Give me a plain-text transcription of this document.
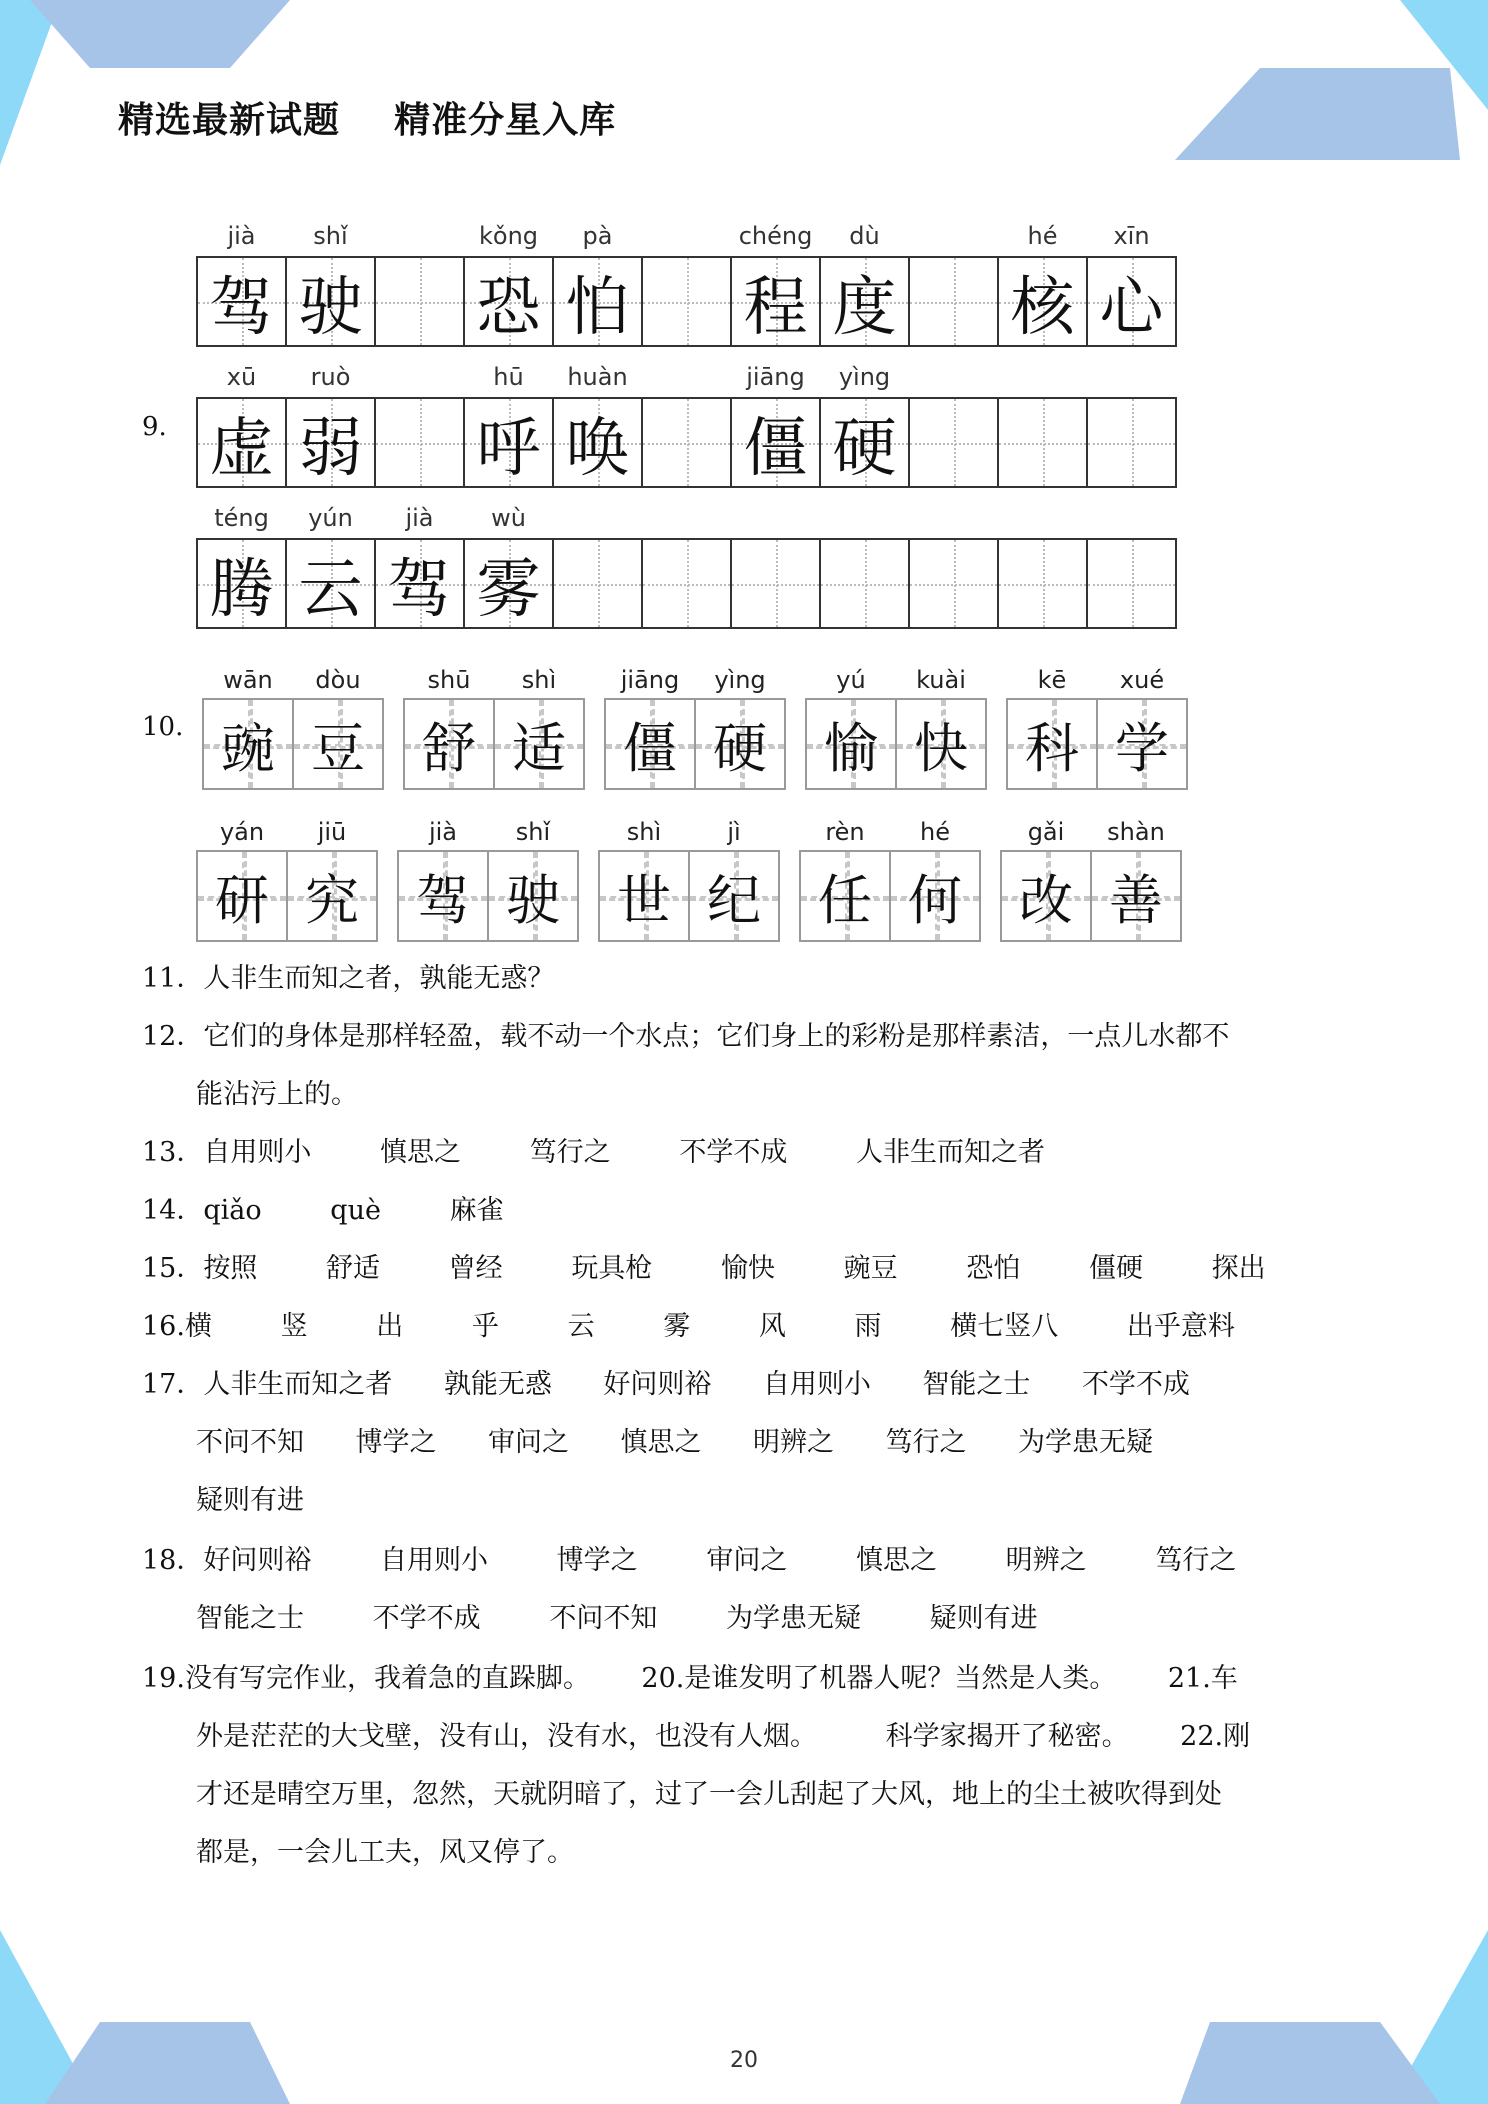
精选最新试题    精准分星入库
9.
jià
驾
shǐ
驶
kǒng
恐
pà
怕
chéng
程
dù
度
hé
核
xīn
心
xū
虚
ruò
弱
hū
呼
huàn
唤
jiāng
僵
yìng
硬
téng
腾
yún
云
jià
驾
wù
雾
10.
wān
豌
dòu
豆
shū
舒
shì
适
jiāng
僵
yìng
硬
yú
愉
kuài
快
kē
科
xué
学
yán
研
jiū
究
jià
驾
shǐ
驶
shì
世
jì
纪
rèn
任
hé
何
gǎi
改
shàn
善
11．人非生而知之者，孰能无惑？
12．它们的身体是那样轻盈，载不动一个水点；它们身上的彩粉是那样素洁，一点儿水都不
能沾污上的。
13．自用则小        慎思之        笃行之        不学不成        人非生而知之者
14．qiǎo        què        麻雀
15．按照        舒适        曾经        玩具枪        愉快        豌豆        恐怕        僵硬        探出
16.横        竖        出        乎        云        雾        风        雨        横七竖八        出乎意料
17．人非生而知之者      孰能无惑      好问则裕      自用则小      智能之士      不学不成
不问不知      博学之      审问之      慎思之      明辨之      笃行之      为学患无疑
疑则有进
18．好问则裕        自用则小        博学之        审问之        慎思之        明辨之        笃行之
智能之士        不学不成        不问不知        为学患无疑        疑则有进
19.没有写完作业，我着急的直跺脚。      20.是谁发明了机器人呢？当然是人类。      21.车
外是茫茫的大戈壁，没有山，没有水，也没有人烟。        科学家揭开了秘密。      22.刚
才还是晴空万里，忽然，天就阴暗了，过了一会儿刮起了大风，地上的尘土被吹得到处
都是，一会儿工夫，风又停了。
20
